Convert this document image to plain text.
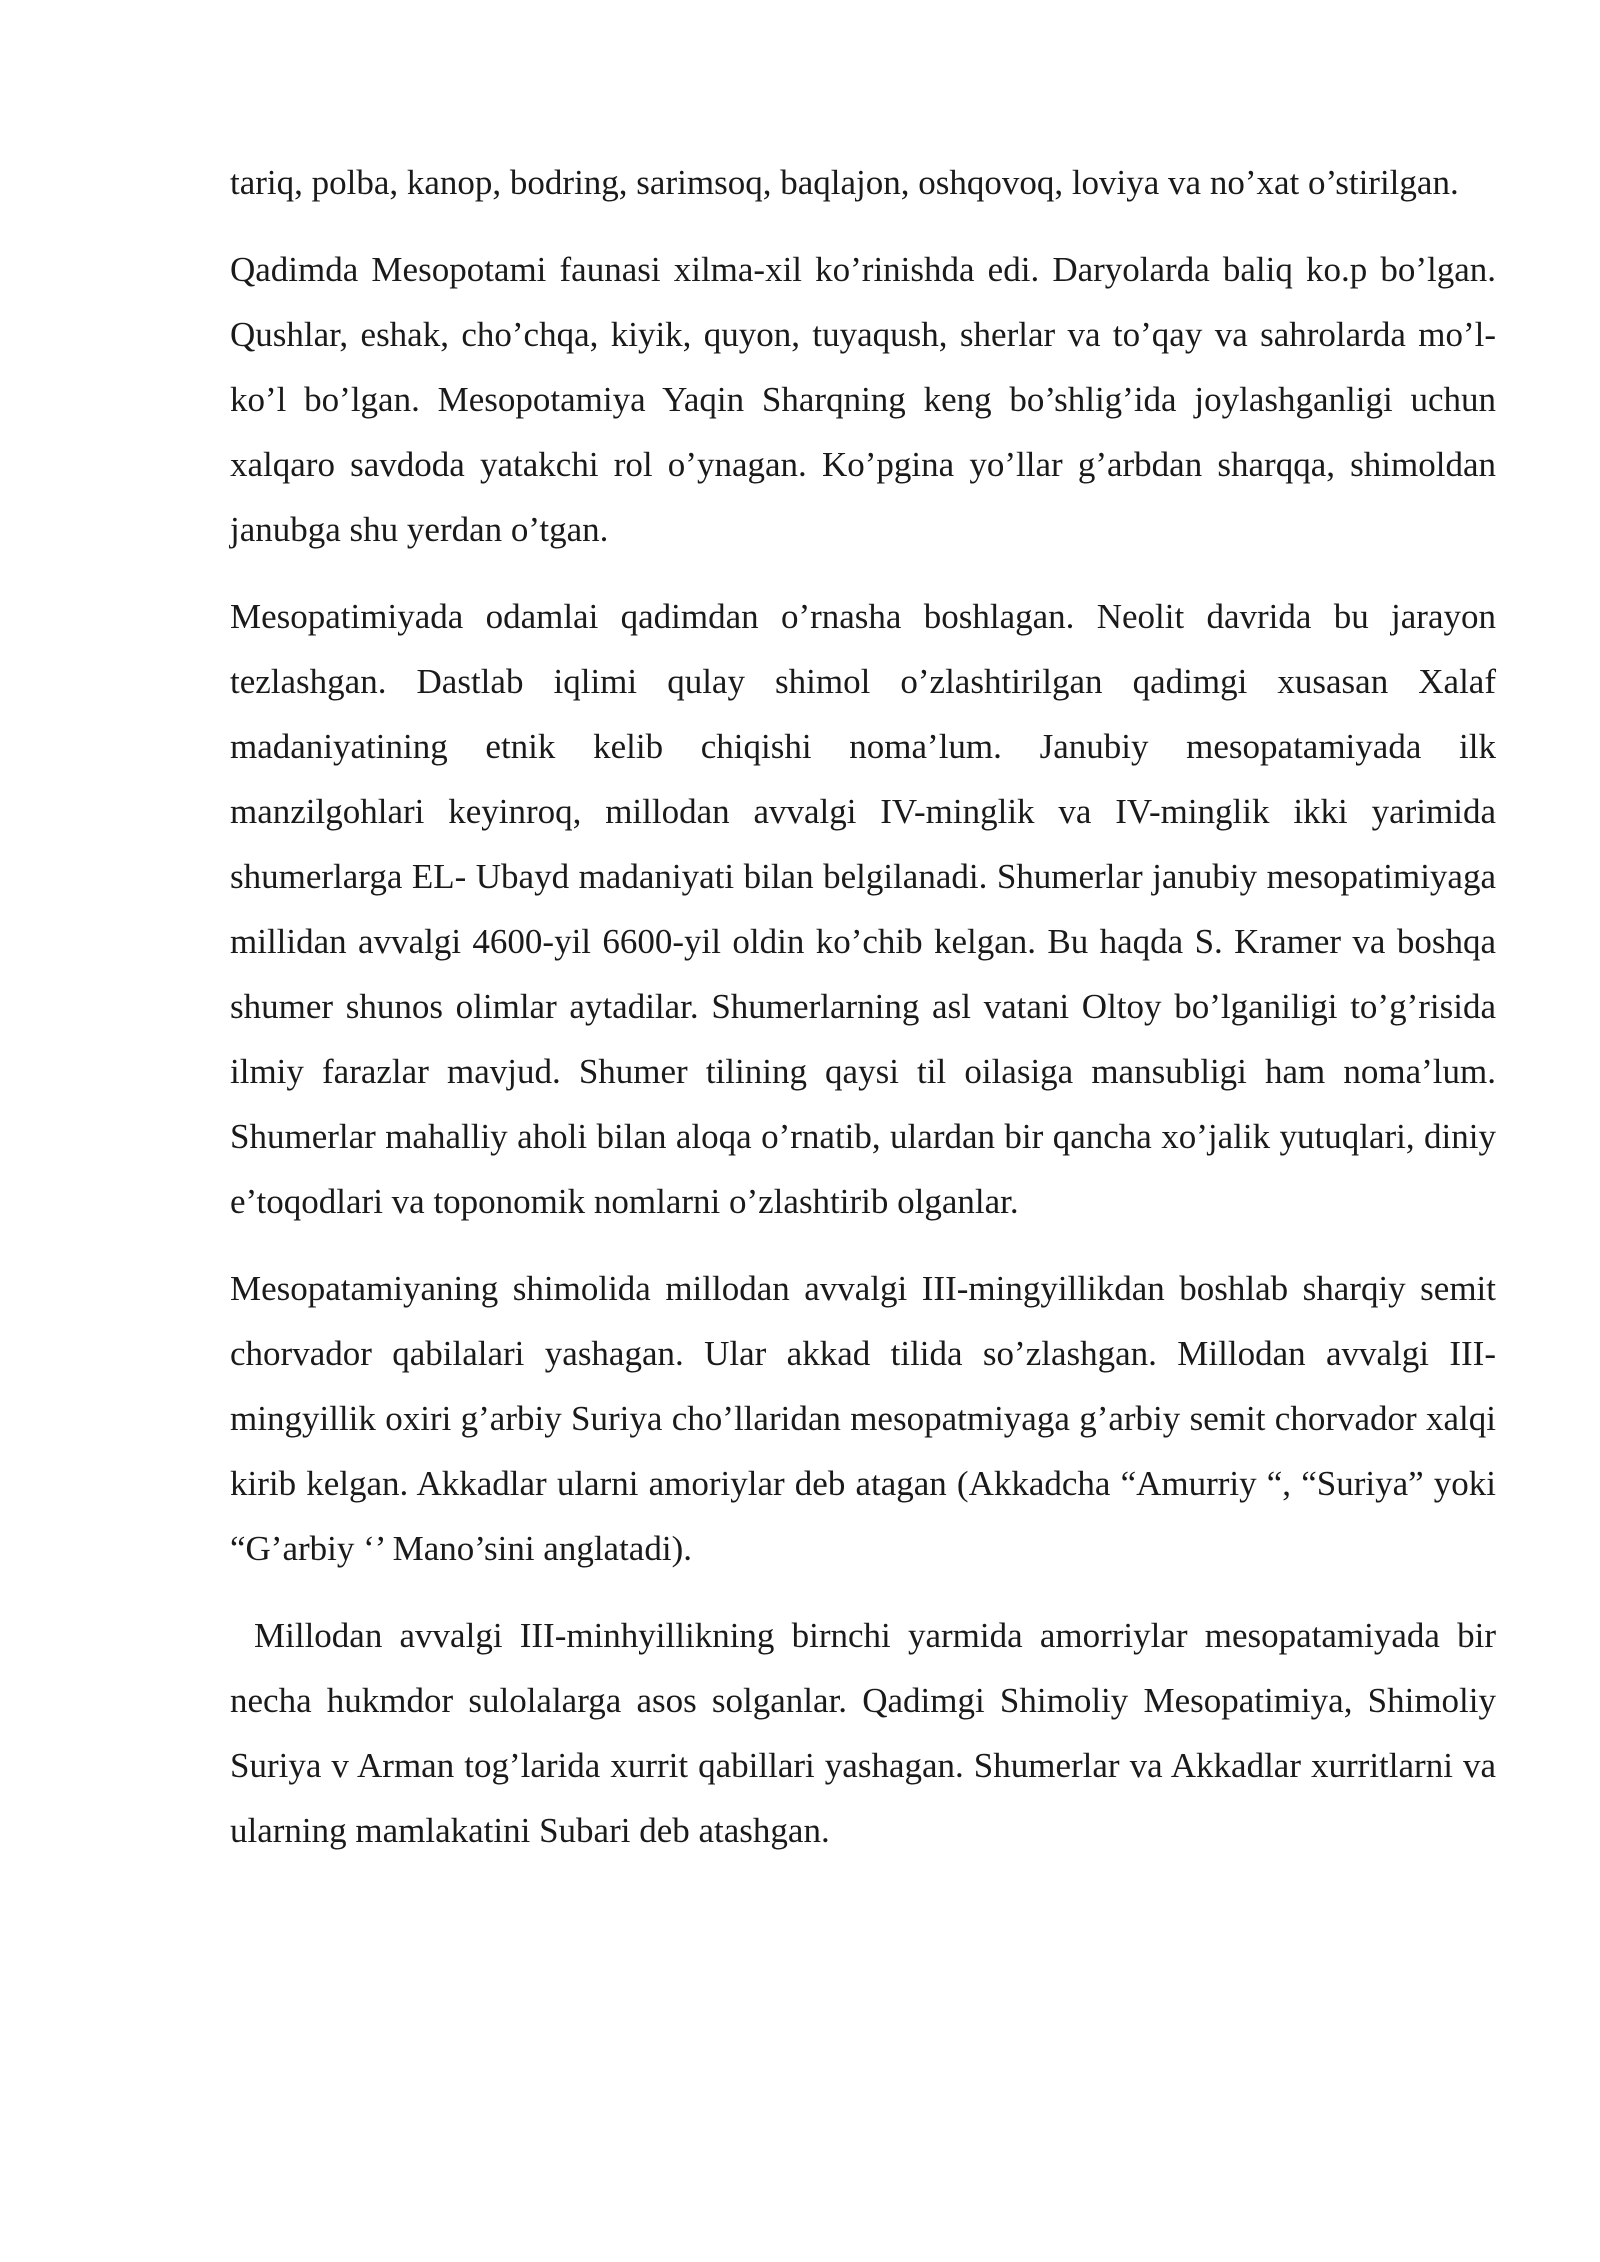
tariq, polba, kanop, bodring, sarimsoq, baqlajon, oshqovoq, loviya va no’xat o’stirilgan.

Qadimda Mesopotami faunasi xilma-xil ko’rinishda edi. Daryolarda baliq ko.p bo’lgan. Qushlar, eshak, cho’chqa, kiyik, quyon, tuyaqush, sherlar va to’qay va sahrolarda mo’l-ko’l bo’lgan. Mesopotamiya Yaqin Sharqning keng bo’shlig’ida joylashganligi uchun xalqaro savdoda yatakchi rol o’ynagan. Ko’pgina yo’llar g’arbdan sharqqa, shimoldan janubga shu yerdan o’tgan.

Mesopatimiyada odamlai qadimdan o’rnasha boshlagan. Neolit davrida bu jarayon tezlashgan. Dastlab iqlimi qulay shimol o’zlashtirilgan qadimgi xusasan Xalaf madaniyatining etnik kelib chiqishi noma’lum. Janubiy mesopatamiyada ilk manzilgohlari keyinroq, millodan avvalgi IV-minglik va IV-minglik ikki yarimida shumerlarga EL- Ubayd madaniyati bilan belgilanadi. Shumerlar janubiy mesopatimiyaga millidan avvalgi 4600-yil 6600-yil oldin ko’chib kelgan. Bu haqda S. Kramer va boshqa shumer shunos olimlar aytadilar. Shumerlarning asl vatani Oltoy bo’lganiligi to’g’risida ilmiy farazlar mavjud. Shumer tilining qaysi til oilasiga mansubligi ham noma’lum. Shumerlar mahalliy aholi bilan aloqa o’rnatib, ulardan bir qancha xo’jalik yutuqlari, diniy e’toqodlari va toponomik nomlarni o’zlashtirib olganlar.

Mesopatamiyaning shimolida millodan avvalgi III-mingyillikdan boshlab sharqiy semit chorvador qabilalari yashagan. Ular akkad tilida so’zlashgan. Millodan avvalgi III-mingyillik oxiri g’arbiy Suriya cho’llaridan mesopatmiyaga g’arbiy semit chorvador xalqi kirib kelgan. Akkadlar ularni amoriylar deb atagan (Akkadcha “Amurriy “, “Suriya” yoki “G’arbiy ‘’ Mano’sini anglatadi).

Millodan avvalgi III-minhyillikning birnchi yarmida amorriylar mesopatamiyada bir necha hukmdor sulolalarga asos solganlar. Qadimgi Shimoliy Mesopatimiya, Shimoliy Suriya v Arman tog’larida xurrit qabillari yashagan. Shumerlar va Akkadlar xurritlarni va ularning mamlakatini Subari deb atashgan.
